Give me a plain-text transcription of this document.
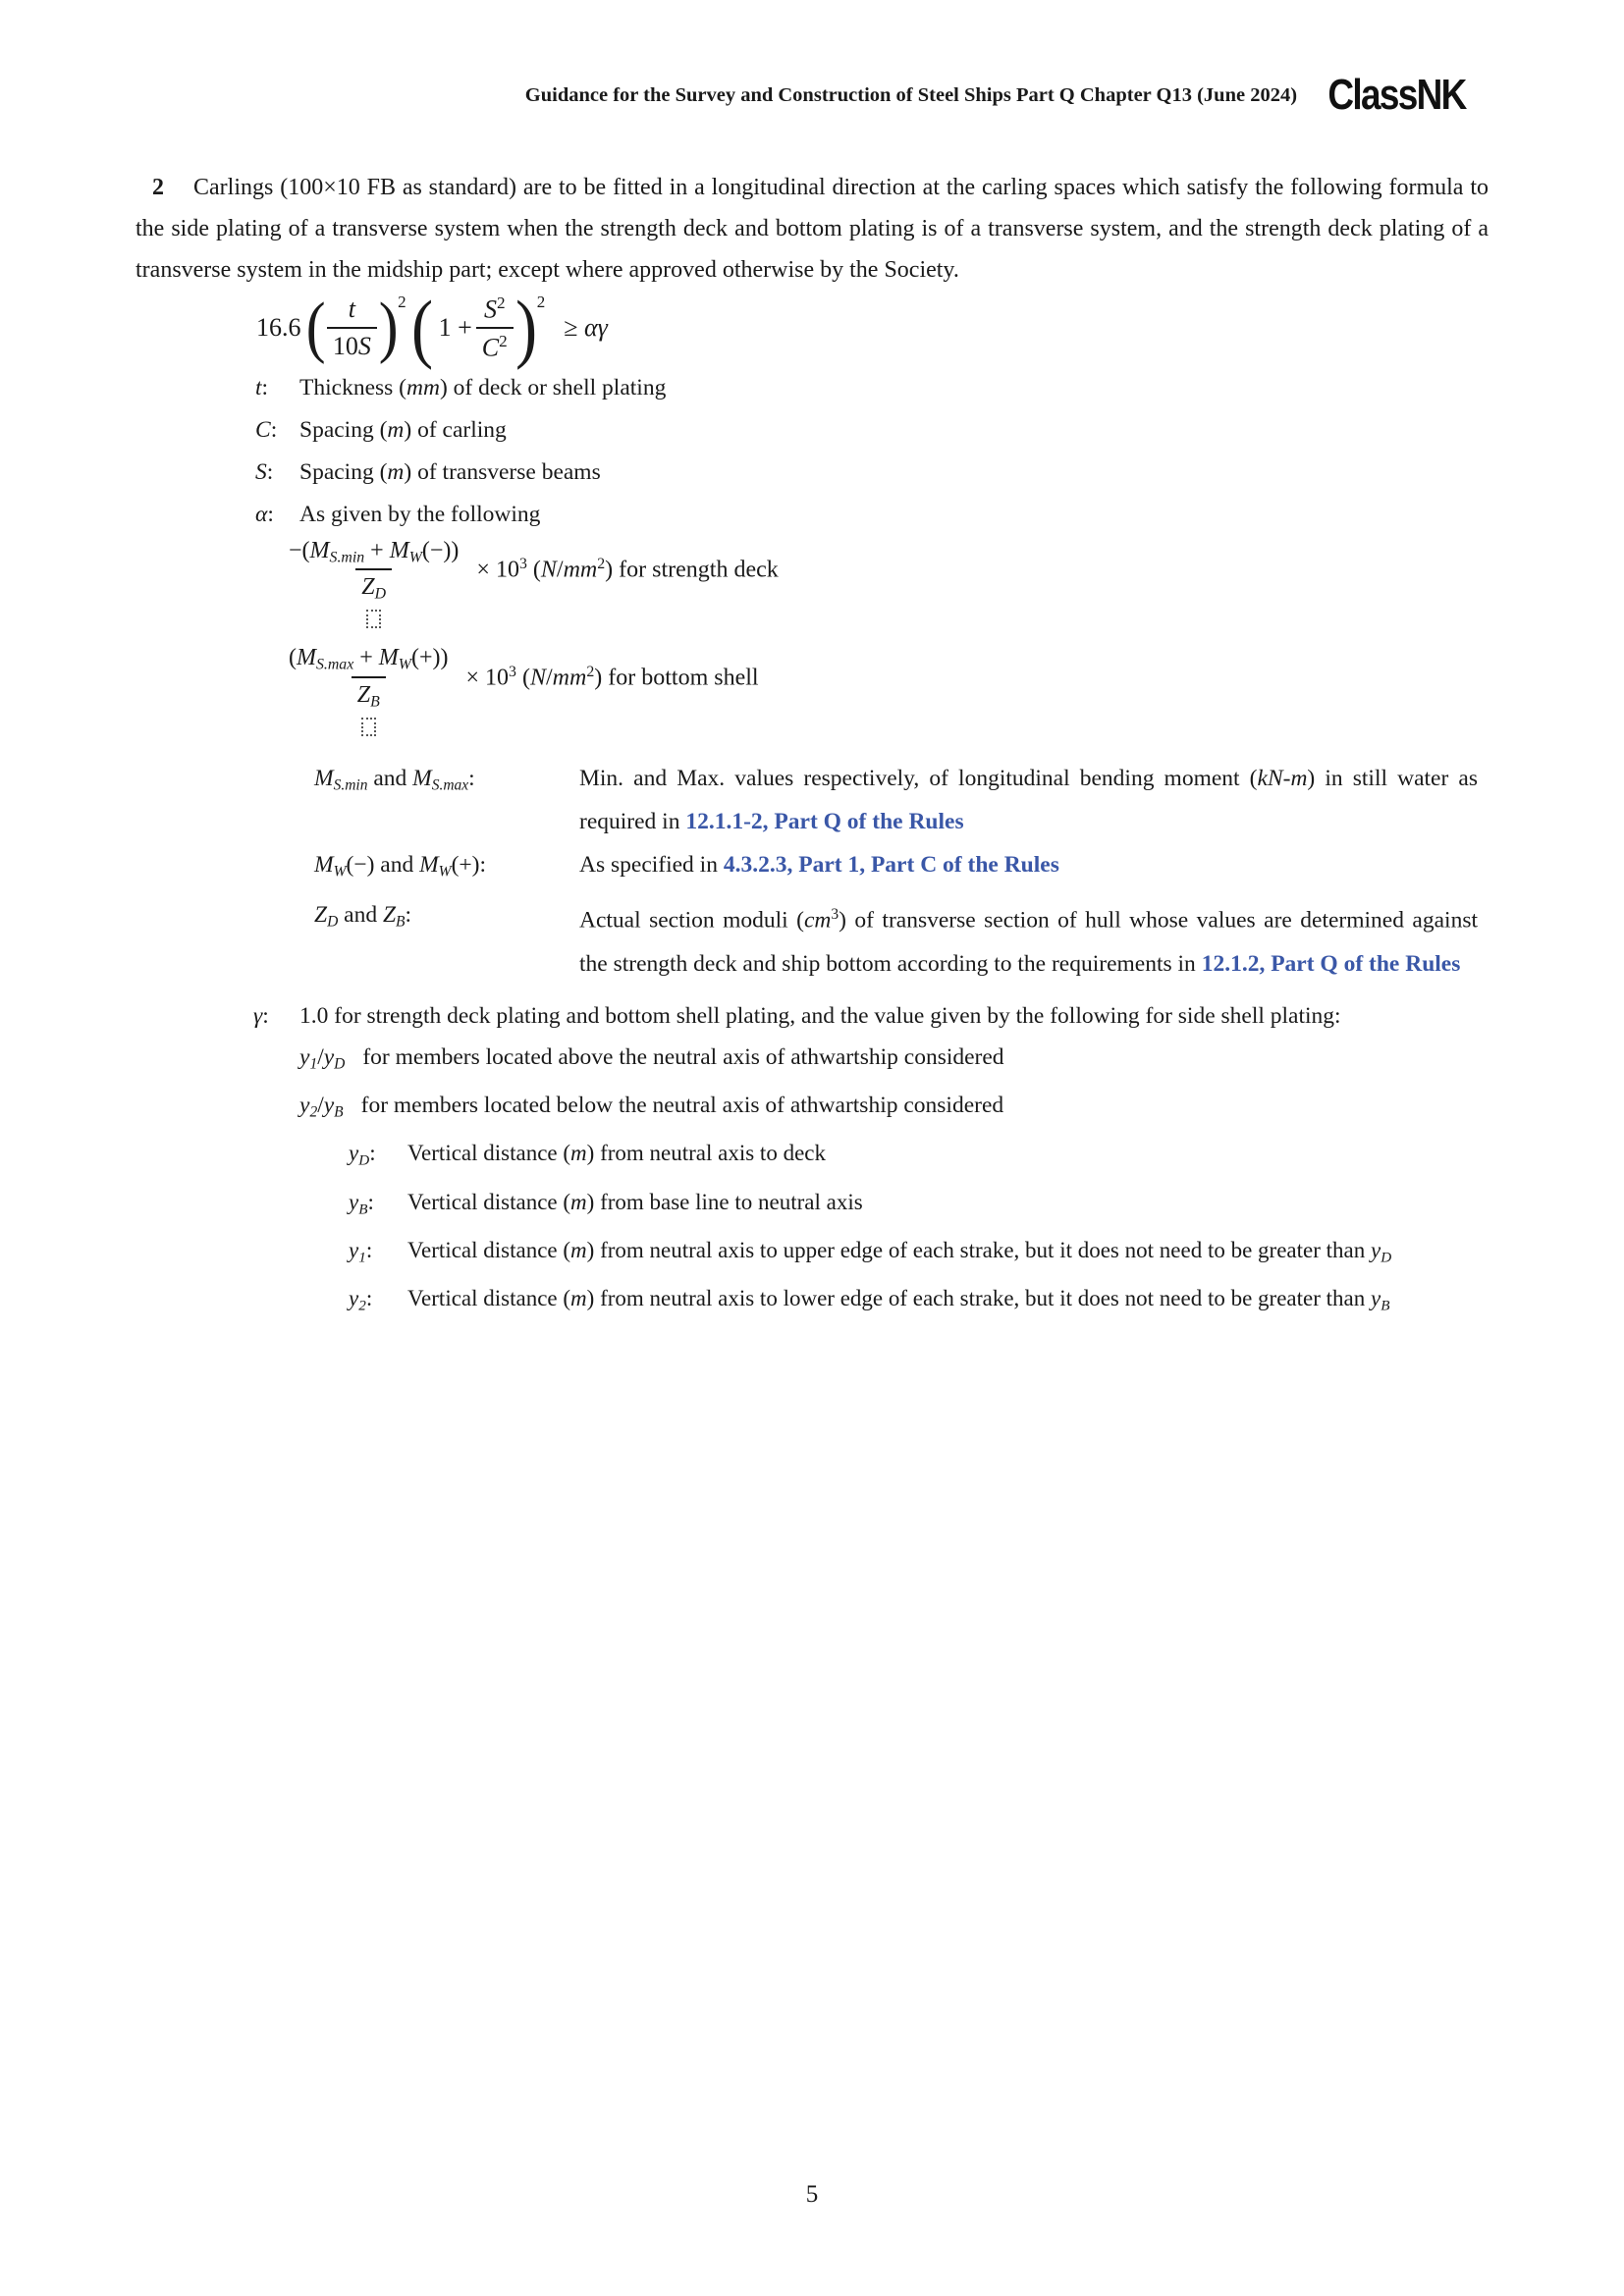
Guidance for the Survey and Construction of Steel Ships Part Q Chapter Q13 (June 2024) ClassNK

2 Carlings (100×10 FB as standard) are to be fitted in a longitudinal direction at the carling spaces which satisfy the following formula to the side plating of a transverse system when the strength deck and bottom plating is of a transverse system, and the strength deck plating of a transverse system in the midship part; except where approved otherwise by the Society.

16.6 ( $\frac{t}{10S}$ ) 2 ( $1 + \frac{S^2}{C^2}$ ) 2
≥ αγ
t:	Thickness (mm) of deck or shell plating
C: Spacing (m) of carling
S:	Spacing (m) of transverse beams
α:	As given by the following
$\frac{-(MS.\min + MW(-))}{ZD} \times 10^3$ $(N/mm^2)$ for strength deck
$\frac{(MS.\max + MW(+))}{ZB} \times 10^3$ $(N/mm^2)$ for bottom shell
MS.min and MS.max:	Min. and Max. values respectively, of longitudinal bending moment (kN-m) in still water as required in 12.1.1-2, Part Q of the Rules
MW(−) and MW(+):	As specified in 4.3.2.3, Part 1, Part C of the Rules
ZD and ZB:	Actual section moduli $(cm^3)$ of transverse section of hull whose values are determined against the strength deck and ship bottom according to the requirements in 12.1.2, Part Q of the Rules
γ:	1.0 for strength deck plating and bottom shell plating, and the value given by the following for side shell plating:
y1/yD for members located above the neutral axis of athwartship considered
y2/yB for members located below the neutral axis of athwartship considered
yD:	Vertical distance (m) from neutral axis to deck
yB:	Vertical distance (m) from base line to neutral axis
y1:	Vertical distance (m) from neutral axis to upper edge of each strake, but it does not need to be greater than yD
y2:	Vertical distance (m) from neutral axis to lower edge of each strake, but it does not need to be greater than yB
5
